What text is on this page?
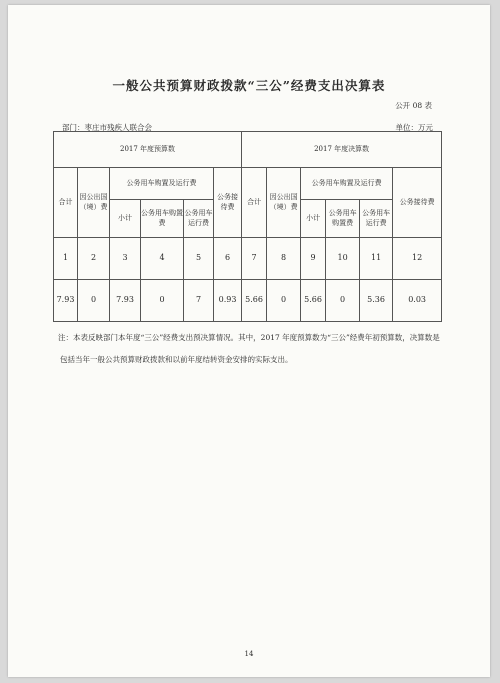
一般公共预算财政拨款“三公”经费支出决算表
公开 08 表
部门：枣庄市残疾人联合会	单位：万元
2017 年度预算数						2017 年度决算数					
合计	因公出国（境）费	公务用车购置及运行费			公务接待费	合计	因公出国（境）费	公务用车购置及运行费			公务接待费
		小计	公务用车购置费	公务用车运行费				小计	公务用车购置费	公务用车运行费	
1	2	3	4	5	6	7	8	9	10	11	12
7.93	0	7.93	0	7	0.93	5.66	0	5.66	0	5.36	0.03
注：本表反映部门本年度“三公”经费支出预决算情况。其中，2017 年度预算数为“三公”经费年初预算数，决算数是包括当年一般公共预算财政拨款和以前年度结转资金安排的实际支出。
14
